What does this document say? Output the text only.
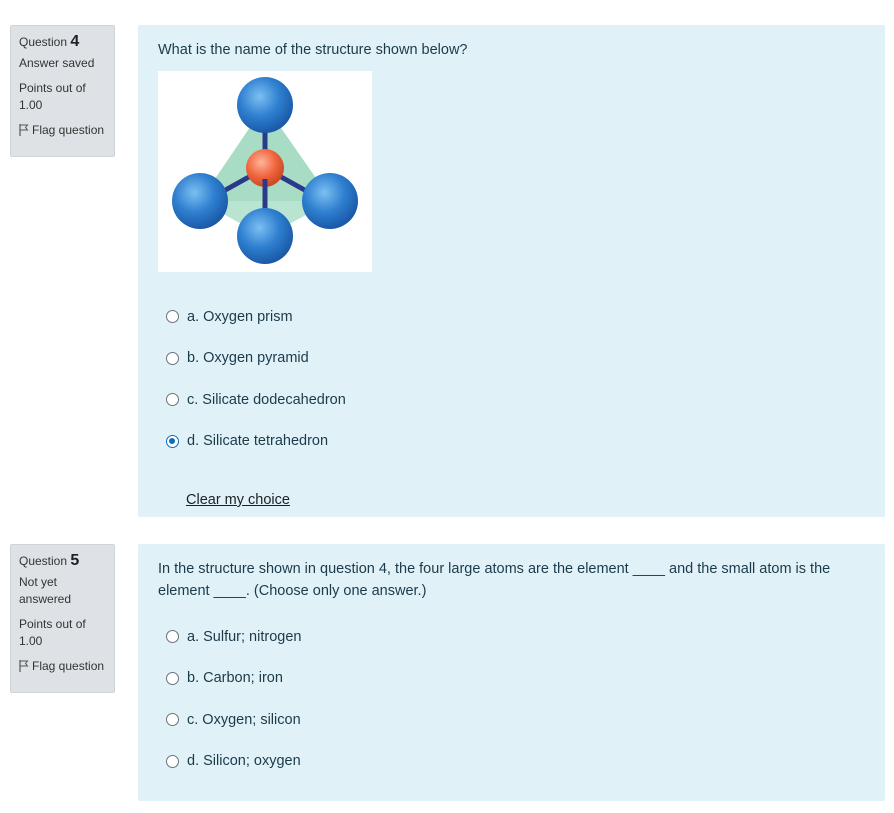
Question 4
Answer saved
Points out of 1.00
Flag question
What is the name of the structure shown below?
a. Oxygen prism
b. Oxygen pyramid
c. Silicate dodecahedron
d. Silicate tetrahedron
Clear my choice
Question 5
Not yet answered
Points out of 1.00
Flag question
In the structure shown in question 4, the four large atoms are the element ____ and the small atom is the element ____. (Choose only one answer.)
a. Sulfur; nitrogen
b. Carbon; iron
c. Oxygen; silicon
d. Silicon; oxygen
